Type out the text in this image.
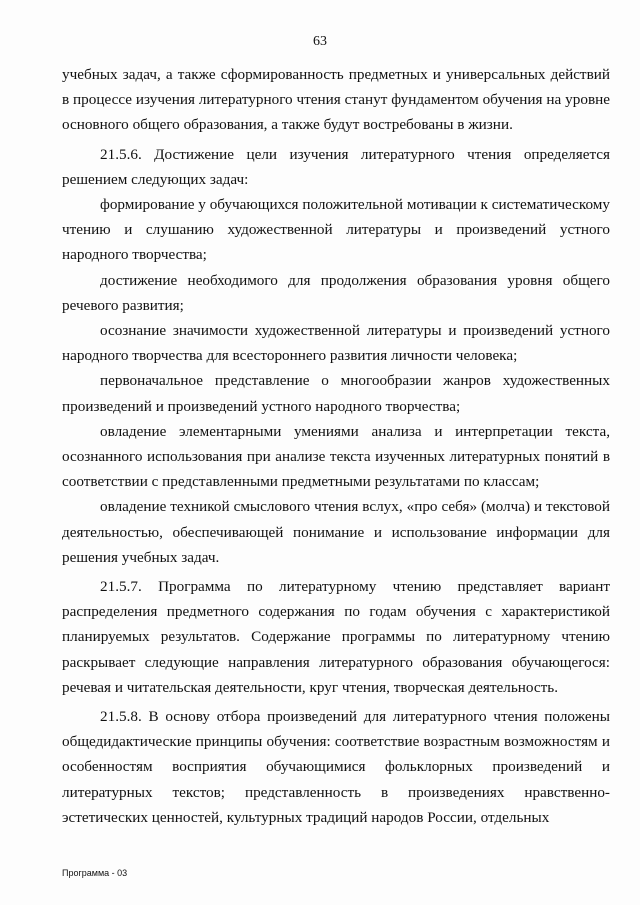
63

учебных задач, а также сформированность предметных и универсальных действий в процессе изучения литературного чтения станут фундаментом обучения на уровне основного общего образования, а также будут востребованы в жизни.

21.5.6. Достижение цели изучения литературного чтения определяется решением следующих задач:

формирование у обучающихся положительной мотивации к систематическому чтению и слушанию художественной литературы и произведений устного народного творчества;

достижение необходимого для продолжения образования уровня общего речевого развития;

осознание значимости художественной литературы и произведений устного народного творчества для всестороннего развития личности человека;

первоначальное представление о многообразии жанров художественных произведений и произведений устного народного творчества;

овладение элементарными умениями анализа и интерпретации текста, осознанного использования при анализе текста изученных литературных понятий в соответствии с представленными предметными результатами по классам;

овладение техникой смыслового чтения вслух, «про себя» (молча) и текстовой деятельностью, обеспечивающей понимание и использование информации для решения учебных задач.

21.5.7. Программа по литературному чтению представляет вариант распределения предметного содержания по годам обучения с характеристикой планируемых результатов. Содержание программы по литературному чтению раскрывает следующие направления литературного образования обучающегося: речевая и читательская деятельности, круг чтения, творческая деятельность.

21.5.8. В основу отбора произведений для литературного чтения положены общедидактические принципы обучения: соответствие возрастным возможностям и особенностям восприятия обучающимися фольклорных произведений и литературных текстов; представленность в произведениях нравственно-эстетических ценностей, культурных традиций народов России, отдельных

Программа - 03
